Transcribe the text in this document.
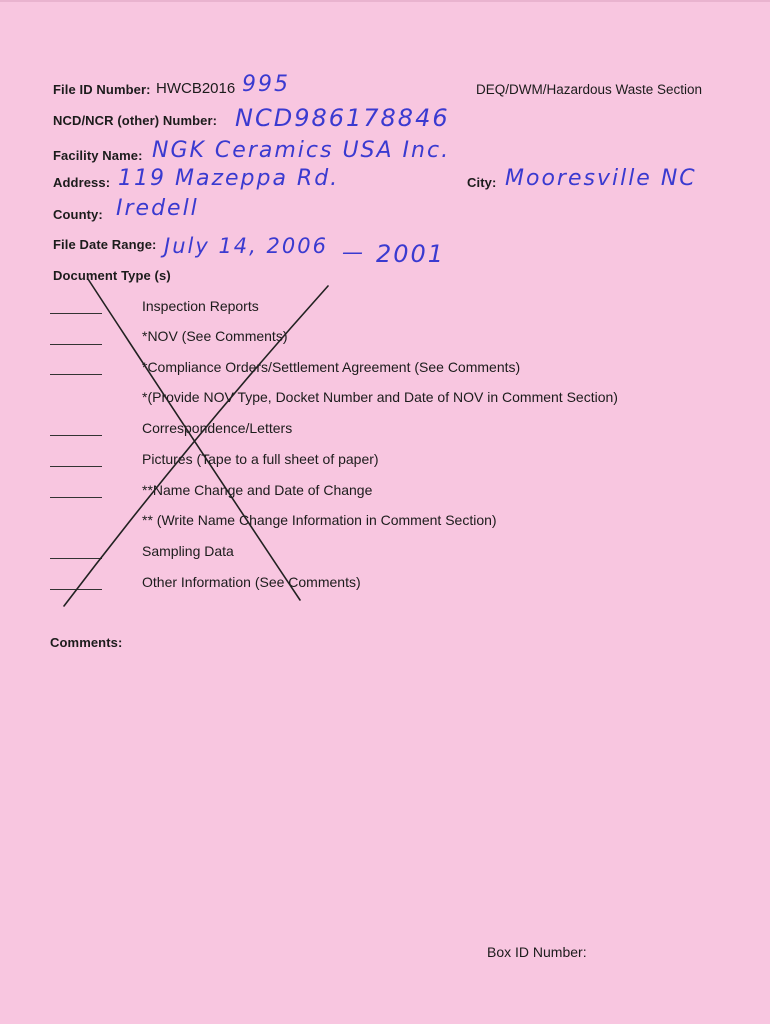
File ID Number: HWCB2016 995	DEQ/DWM/Hazardous Waste Section
NCD/NCR (other) Number: NCD986178846
Facility Name: NGK Ceramics USA Inc.
Address: 119 Mazeppa Rd.	City: Mooresville NC
County: Iredell
File Date Range: July 14, 2006 — 2001
Document Type (s)
Inspection Reports
*NOV (See Comments)
*Compliance Orders/Settlement Agreement (See Comments)
*(Provide NOV Type, Docket Number and Date of NOV in Comment Section)
Correspondence/Letters
Pictures (Tape to a full sheet of paper)
**Name Change and Date of Change
** (Write Name Change Information in Comment Section)
Sampling Data
Other Information (See Comments)
Comments:
Box ID Number:
